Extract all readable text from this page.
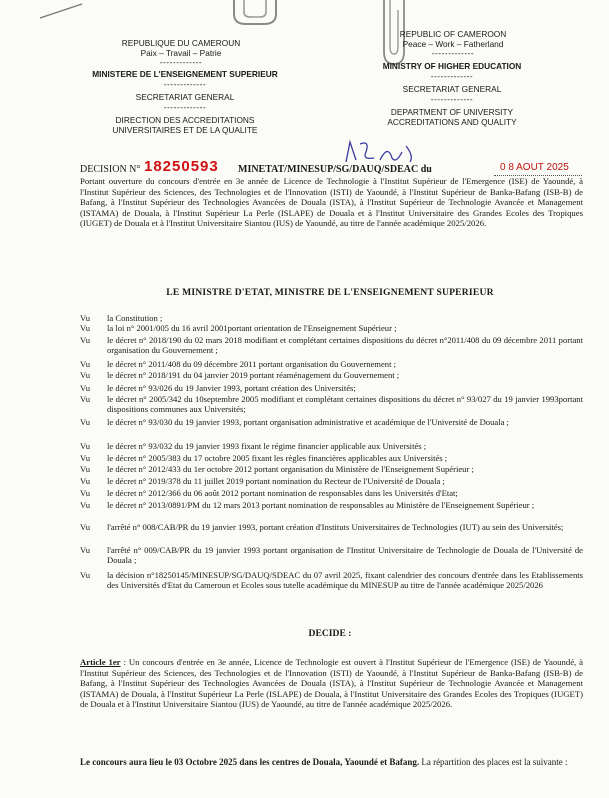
REPUBLIQUE DU CAMEROUN
Paix – Travail – Patrie
-------------
MINISTERE DE L'ENSEIGNEMENT SUPERIEUR
-------------
SECRETARIAT GENERAL
-------------
DIRECTION DES ACCREDITATIONS
UNIVERSITAIRES ET DE LA QUALITE
REPUBLIC OF CAMEROON
Peace – Work – Fatherland
-------------
MINISTRY OF HIGHER EDUCATION
-------------
SECRETARIAT GENERAL
-------------
DEPARTMENT OF UNIVERSITY
ACCREDITATIONS AND QUALITY
DECISION N° 18250593 MINETAT/MINESUP/SG/DAUQ/SDEAC du	0 8 AOUT 2025
Portant ouverture du concours d'entrée en 3e année de Licence de Technologie à l'Institut Supérieur de l'Emergence (ISE) de Yaoundé, à l'Institut Supérieur des Sciences, des Technologies et de l'Innovation (ISTI) de Yaoundé, à l'Institut Supérieur de Banka-Bafang (ISB-B) de Bafang, à l'Institut Supérieur des Technologies Avancées de Douala (ISTA), à l'Institut Supérieur de Technologie Avancée et Management (ISTAMA) de Douala, à l'Institut Supérieur La Perle (ISLAPE) de Douala et à l'Institut Universitaire des Grandes Ecoles des Tropiques (IUGET) de Douala et à l'Institut Universitaire Siantou (IUS) de Yaoundé, au titre de l'année académique 2025/2026.
LE MINISTRE D'ETAT, MINISTRE DE L'ENSEIGNEMENT SUPERIEUR
Vu	la Constitution ;
Vu	la loi n° 2001/005 du 16 avril 2001portant orientation de l'Enseignement Supérieur ;
Vu	le décret n° 2018/190 du 02 mars 2018 modifiant et complétant certaines dispositions du décret n°2011/408 du 09 décembre 2011 portant organisation du Gouvernement ;
Vu	le décret n° 2011/408 du 09 décembre 2011 portant organisation du Gouvernement ;
Vu	le décret n° 2018/191 du 04 janvier 2019 portant réaménagement du Gouvernement ;
Vu	le décret n° 93/026 du 19 Janvier 1993, portant création des Universités;
Vu	le décret n° 2005/342 du 10septembre 2005 modifiant et complétant certaines dispositions du décret n° 93/027 du 19 janvier 1993portant dispositions communes aux Universités;
Vu	le décret n° 93/030 du 19 janvier 1993, portant organisation administrative et académique de l'Université de Douala ;
Vu	le décret n° 93/032 du 19 janvier 1993 fixant le régime financier applicable aux Universités ;
Vu	le décret n° 2005/383 du 17 octobre 2005 fixant les règles financières applicables aux Universités ;
Vu	le décret n° 2012/433 du 1er octobre 2012 portant organisation du Ministère de l'Enseignement Supérieur ;
Vu	le décret n° 2019/378 du 11 juillet 2019 portant nomination du Recteur de l'Université de Douala ;
Vu	le décret n° 2012/366 du 06 août 2012 portant nomination de responsables dans les Universités d'Etat;
Vu	le décret n° 2013/0891/PM du 12 mars 2013 portant nomination de responsables au Ministère de l'Enseignement Supérieur ;
Vu	l'arrêté n° 008/CAB/PR du 19 janvier 1993, portant création d'Instituts Universitaires de Technologies (IUT) au sein des Universités;
Vu	l'arrêté n° 009/CAB/PR du 19 janvier 1993 portant organisation de l'Institut Universitaire de Technologie de Douala de l'Université de Douala ;
Vu	la décision n°18250145/MINESUP/SG/DAUQ/SDEAC du 07 avril 2025, fixant calendrier des concours d'entrée dans les Etablissements des Universités d'Etat du Cameroun et Ecoles sous tutelle académique du MINESUP au titre de l'année académique 2025/2026
DECIDE :
Article 1er : Un concours d'entrée en 3e année, Licence de Technologie est ouvert à l'Institut Supérieur de l'Emergence (ISE) de Yaoundé, à l'Institut Supérieur des Sciences, des Technologies et de l'Innovation (ISTI) de Yaoundé, à l'Institut Supérieur de Banka-Bafang (ISB-B) de Bafang, à l'Institut Supérieur des Technologies Avancées de Douala (ISTA), à l'Institut Supérieur de Technologie Avancée et Management (ISTAMA) de Douala, à l'Institut Supérieur La Perle (ISLAPE) de Douala, à l'Institut Universitaire des Grandes Ecoles des Tropiques (IUGET) de Douala et à l'Institut Universitaire Siantou (IUS) de Yaoundé, au titre de l'année académique 2025/2026.
Le concours aura lieu le 03 Octobre 2025 dans les centres de Douala, Yaoundé et Bafang. La répartition des places est la suivante :
